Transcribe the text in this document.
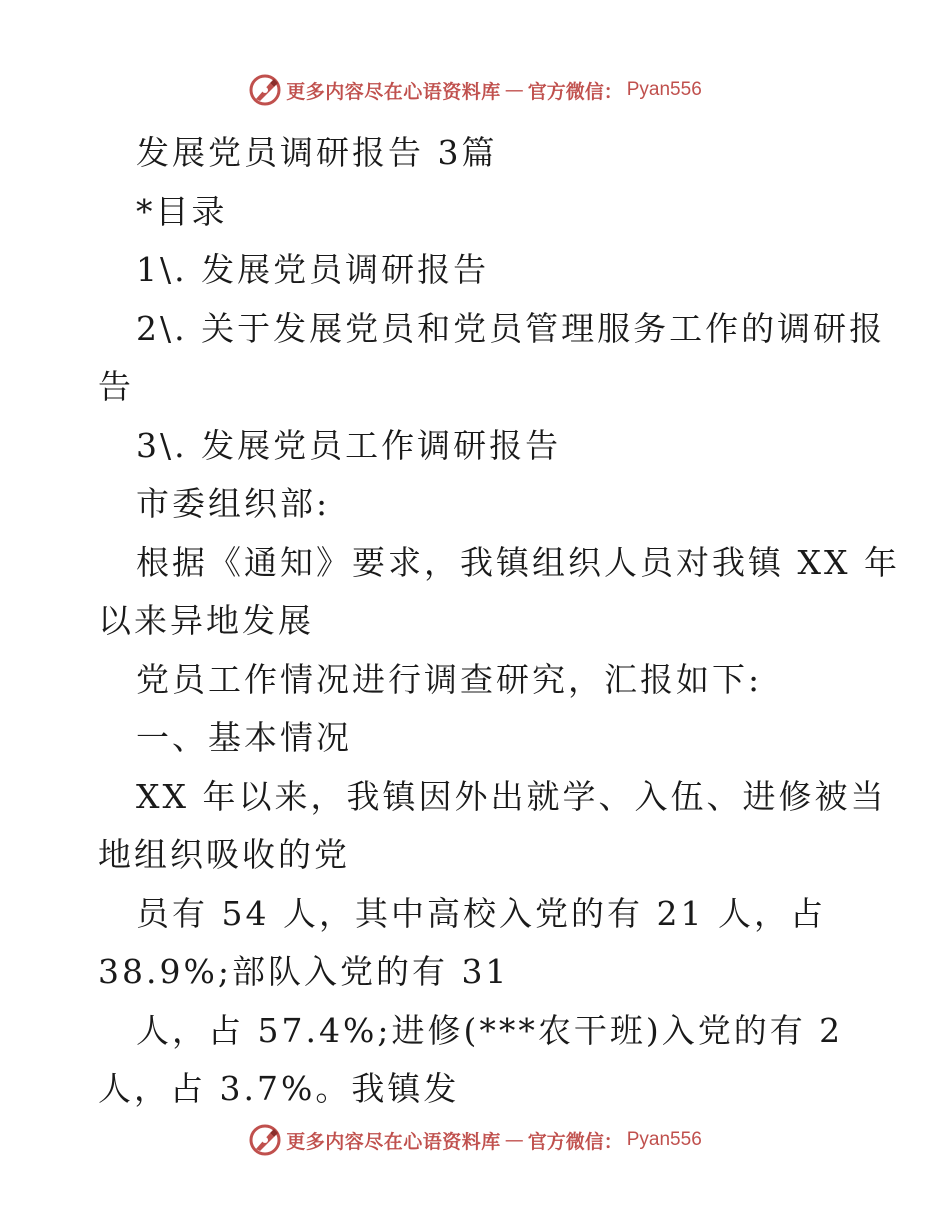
更多内容尽在心语资料库 — 官方微信： Pyan556
发展党员调研报告 3篇
*目录
1\. 发展党员调研报告
2\. 关于发展党员和党员管理服务工作的调研报
告
3\. 发展党员工作调研报告
市委组织部:
根据《通知》要求，我镇组织人员对我镇 XX 年
以来异地发展
党员工作情况进行调查研究，汇报如下:
一、基本情况
XX 年以来，我镇因外出就学、入伍、进修被当
地组织吸收的党
员有 54 人，其中高校入党的有 21 人，占
38.9%;部队入党的有 31
人，占 57.4%;进修(***农干班)入党的有 2
人，占 3.7%。我镇发
更多内容尽在心语资料库 — 官方微信： Pyan556
